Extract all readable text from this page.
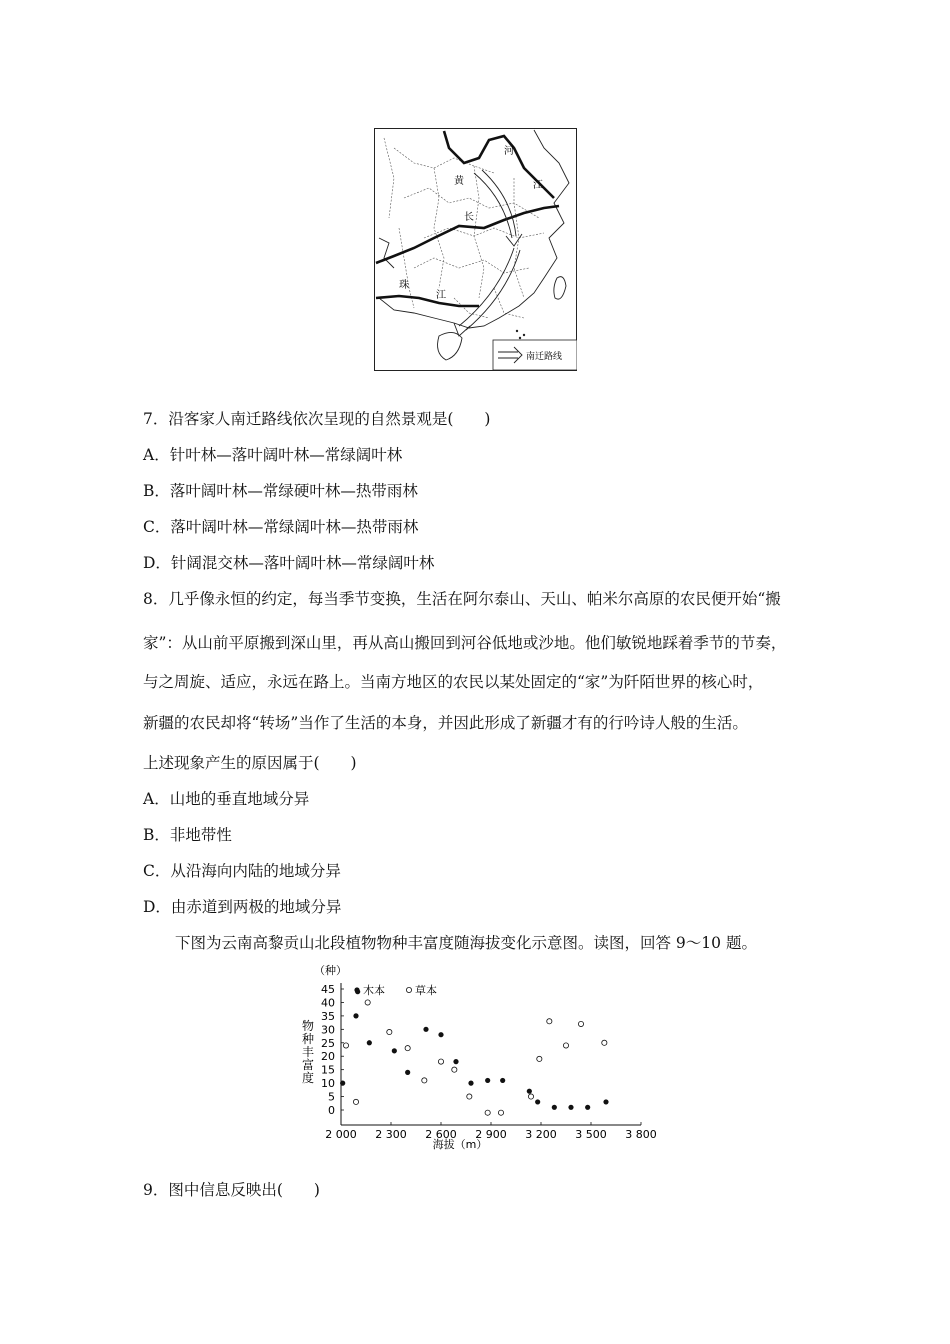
河
黄	江
长
珠
江
南迁路线
7．沿客家人南迁路线依次呈现的自然景观是(　　)
A．针叶林—落叶阔叶林—常绿阔叶林
B．落叶阔叶林—常绿硬叶林—热带雨林
C．落叶阔叶林—常绿阔叶林—热带雨林
D．针阔混交林—落叶阔叶林—常绿阔叶林
8．几乎像永恒的约定，每当季节变换，生活在阿尔泰山、天山、帕米尔高原的农民便开始“搬
家”：从山前平原搬到深山里，再从高山搬回到河谷低地或沙地。他们敏锐地踩着季节的节奏，
与之周旋、适应，永远在路上。当南方地区的农民以某处固定的“家”为阡陌世界的核心时，
新疆的农民却将“转场”当作了生活的本身，并因此形成了新疆才有的行吟诗人般的生活。
上述现象产生的原因属于(　　)
A．山地的垂直地域分异
B．非地带性
C．从沿海向内陆的地域分异
D．由赤道到两极的地域分异
下图为云南高黎贡山北段植物物种丰富度随海拔变化示意图。读图，回答 9～10 题。
（种）
木本	草本
物
种
丰
富
度
0
5
10
15
20
25
30
35
40
45
2 000 2 300 2 600 2 900 3 200 3 500 3 800
海拔（m）
9．图中信息反映出(　　)
